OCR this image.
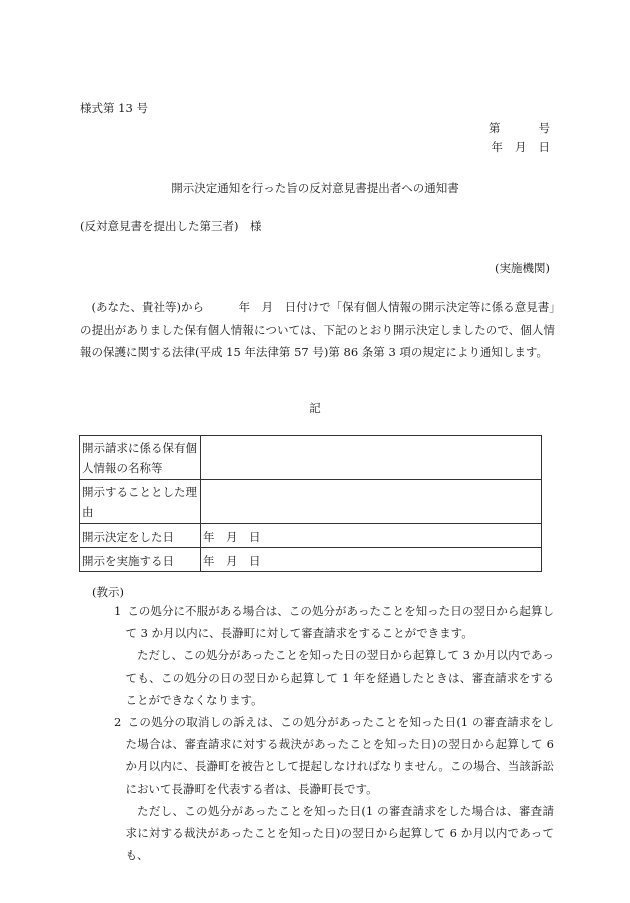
様式第 13 号
第	号
年 月 日
開示決定通知を行った旨の反対意見書提出者への通知書
(反対意見書を提出した第三者)　様
(実施機関)
(あなた、貴社等)から　　　年　月　日付けで「保有個人情報の開示決定等に係る意見書」の提出がありました保有個人情報については、下記のとおり開示決定しましたので、個人情報の保護に関する法律(平成 15 年法律第 57 号)第 86 条第 3 項の規定により通知します。
記
開示請求に係る保有個人情報の名称等	
開示することとした理由	
開示決定をした日	年　月　日
開示を実施する日	年　月　日
(教示)

1 この処分に不服がある場合は、この処分があったことを知った日の翌日から起算して 3 か月以内に、長瀞町に対して審査請求をすることができます。

ただし、この処分があったことを知った日の翌日から起算して 3 か月以内であっても、この処分の日の翌日から起算して 1 年を経過したときは、審査請求をすることができなくなります。

2 この処分の取消しの訴えは、この処分があったことを知った日(1 の審査請求をした場合は、審査請求に対する裁決があったことを知った日)の翌日から起算して 6 か月以内に、長瀞町を被告として提起しなければなりません。この場合、当該訴訟において長瀞町を代表する者は、長瀞町長です。

ただし、この処分があったことを知った日(1 の審査請求をした場合は、審査請求に対する裁決があったことを知った日)の翌日から起算して 6 か月以内であっても、
